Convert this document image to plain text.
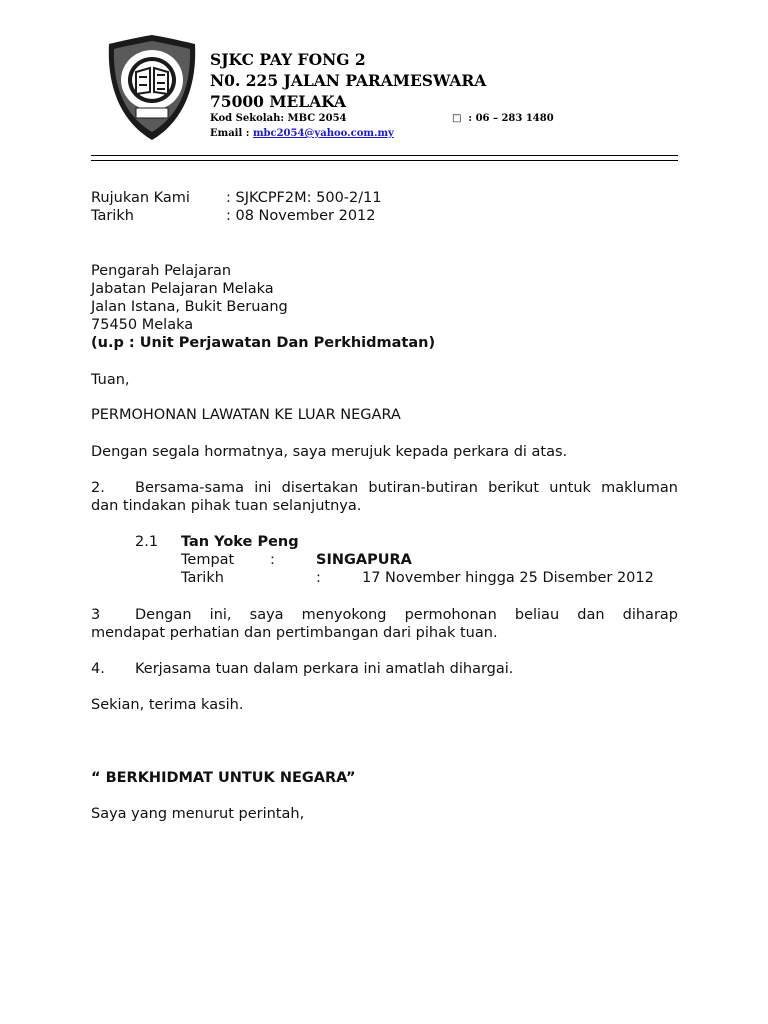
SJKC PAY FONG 2
N0. 225 JALAN PARAMESWARA
75000 MELAKA
Kod Sekolah: MBC 2054	□  : 06 – 283 1480
Email : mbc2054@yahoo.com.my
Rujukan Kami : SJKCPF2M: 500-2/11
Tarikh	: 08 November 2012
Pengarah Pelajaran
Jabatan Pelajaran Melaka
Jalan Istana, Bukit Beruang
75450 Melaka
(u.p : Unit Perjawatan Dan Perkhidmatan)
Tuan,
PERMOHONAN LAWATAN KE LUAR NEGARA
Dengan segala hormatnya, saya merujuk kepada perkara di atas.
2. Bersama-sama ini disertakan butiran-butiran berikut untuk makluman
dan tindakan pihak tuan selanjutnya.
2.1 Tan Yoke Peng
Tempat :	SINGAPURA
Tarikh	:	17 November hingga 25 Disember 2012
3 Dengan ini, saya menyokong permohonan beliau dan diharap
mendapat perhatian dan pertimbangan dari pihak tuan.
4. Kerjasama tuan dalam perkara ini amatlah dihargai.
Sekian, terima kasih.
“ BERKHIDMAT UNTUK NEGARA”
Saya yang menurut perintah,
